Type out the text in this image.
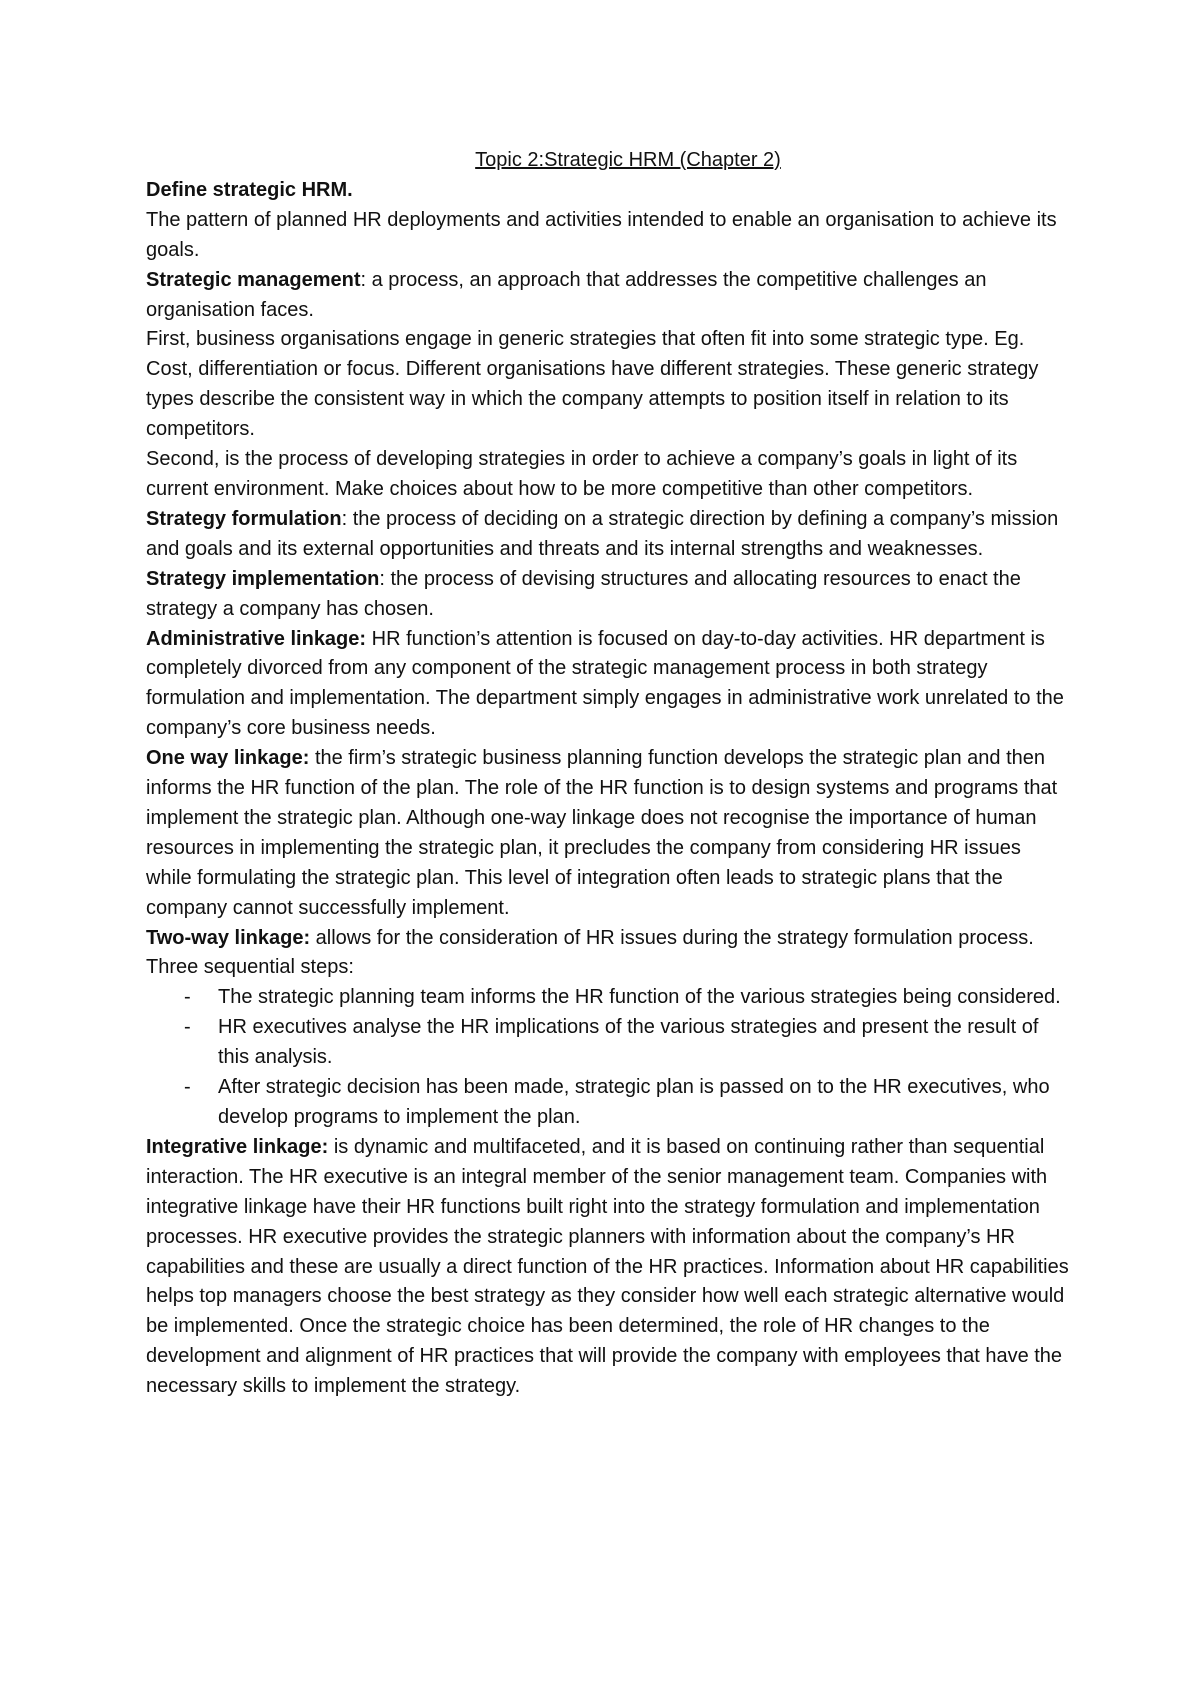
Topic 2:Strategic HRM (Chapter 2)

Define strategic HRM.

The pattern of planned HR deployments and activities intended to enable an organisation to achieve its goals.

Strategic management: a process, an approach that addresses the competitive challenges an organisation faces.

First, business organisations engage in generic strategies that often fit into some strategic type. Eg. Cost, differentiation or focus. Different organisations have different strategies. These generic strategy types describe the consistent way in which the company attempts to position itself in relation to its competitors.

Second, is the process of developing strategies in order to achieve a company’s goals in light of its current environment. Make choices about how to be more competitive than other competitors.

Strategy formulation: the process of deciding on a strategic direction by defining a company’s mission and goals and its external opportunities and threats and its internal strengths and weaknesses.

Strategy implementation: the process of devising structures and allocating resources to enact the strategy a company has chosen.

Administrative linkage: HR function’s attention is focused on day-to-day activities. HR department is completely divorced from any component of the strategic management process in both strategy formulation and implementation. The department simply engages in administrative work unrelated to the company’s core business needs.

One way linkage: the firm’s strategic business planning function develops the strategic plan and then informs the HR function of the plan. The role of the HR function is to design systems and programs that implement the strategic plan. Although one-way linkage does not recognise the importance of human resources in implementing the strategic plan, it precludes the company from considering HR issues while formulating the strategic plan. This level of integration often leads to strategic plans that the company cannot successfully implement.

Two-way linkage: allows for the consideration of HR issues during the strategy formulation process. Three sequential steps:

- The strategic planning team informs the HR function of the various strategies being considered.
- HR executives analyse the HR implications of the various strategies and present the result of this analysis.
- After strategic decision has been made, strategic plan is passed on to the HR executives, who develop programs to implement the plan.

Integrative linkage: is dynamic and multifaceted, and it is based on continuing rather than sequential interaction. The HR executive is an integral member of the senior management team. Companies with integrative linkage have their HR functions built right into the strategy formulation and implementation processes. HR executive provides the strategic planners with information about the company’s HR capabilities and these are usually a direct function of the HR practices. Information about HR capabilities helps top managers choose the best strategy as they consider how well each strategic alternative would be implemented. Once the strategic choice has been determined, the role of HR changes to the development and alignment of HR practices that will provide the company with employees that have the necessary skills to implement the strategy.
